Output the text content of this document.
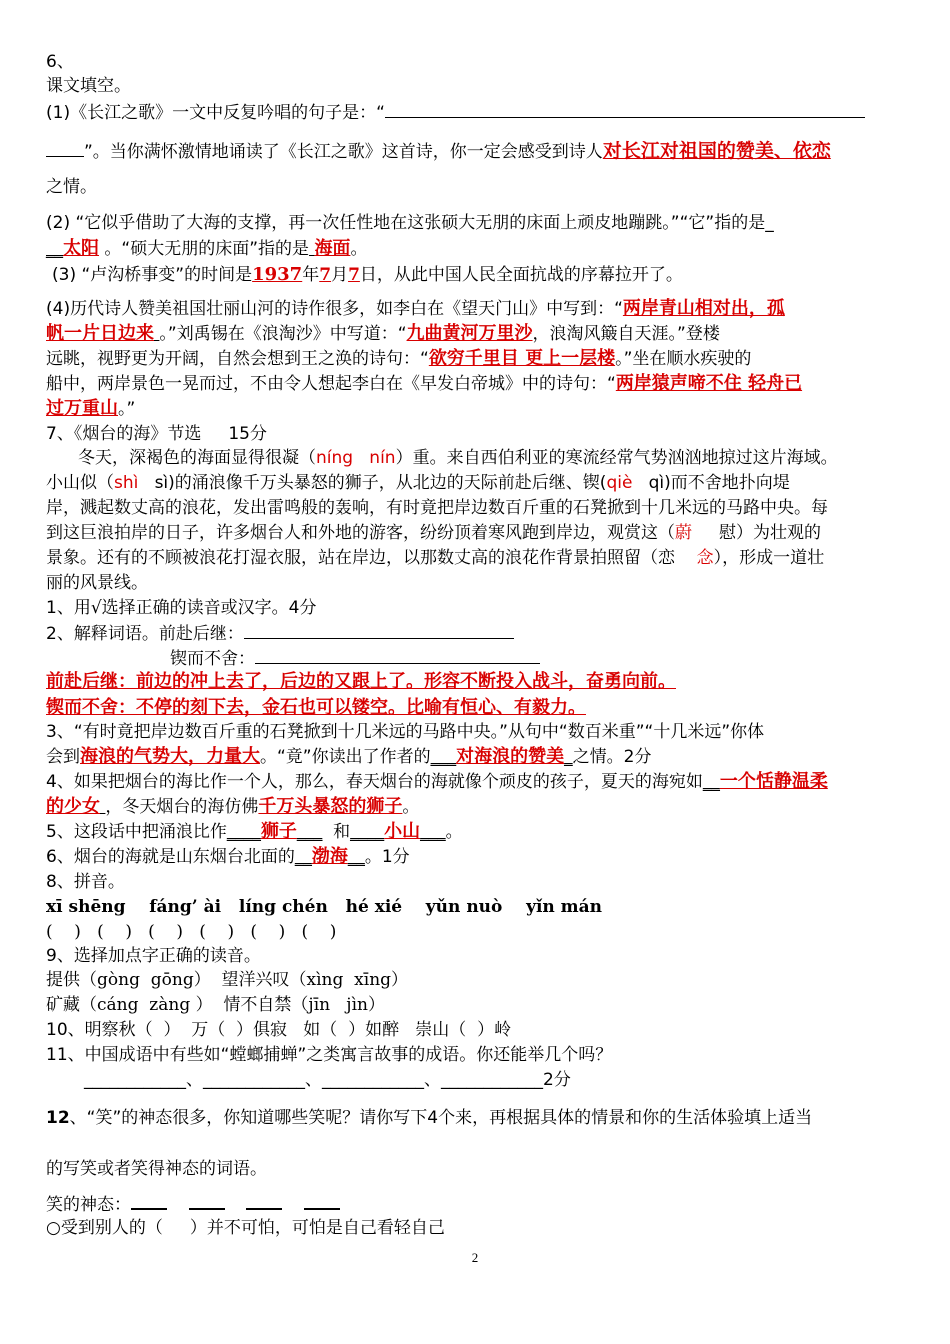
6、
课文填空。
(1)《长江之歌》一文中反复吟唱的句子是：“
”。当你满怀激情地诵读了《长江之歌》这首诗，你一定会感受到诗人对长江对祖国的赞美、依恋
之情。
(2) “它似乎借助了大海的支撑，再一次任性地在这张硕大无朋的床面上顽皮地蹦跳。”“它”指的是_
__太阳 。“硕大无朋的床面”指的是 海面。
(3) “卢沟桥事变”的时间是1937年7月7日，从此中国人民全面抗战的序幕拉开了。
(4)历代诗人赞美祖国壮丽山河的诗作很多，如李白在《望天门山》中写到：“两岸青山相对出，孤
帆一片日边来 。”刘禹锡在《浪淘沙》中写道：“九曲黄河万里沙，浪淘风簸自天涯。”登楼
远眺，视野更为开阔，自然会想到王之涣的诗句：“欲穷千里目 更上一层楼。”坐在顺水疾驶的
船中，两岸景色一晃而过，不由令人想起李白在《早发白帝城》中的诗句：“两岸猿声啼不住 轻舟已
过万重山。”
7、《烟台的海》节选 15分
冬天，深褐色的海面显得很凝（níng nín）重。来自西伯利亚的寒流经常气势汹汹地掠过这片海域。
小山似（shì sì)的涌浪像千万头暴怒的狮子，从北边的天际前赴后继、锲(qiè qì)而不舍地扑向堤
岸，溅起数丈高的浪花，发出雷鸣般的轰响，有时竟把岸边数百斤重的石凳掀到十几米远的马路中央。每
到这巨浪拍岸的日子，许多烟台人和外地的游客，纷纷顶着寒风跑到岸边，观赏这（蔚 慰）为壮观的
景象。还有的不顾被浪花打湿衣服，站在岸边，以那数丈高的浪花作背景拍照留（恋 念），形成一道壮
丽的风景线。
1、用√选择正确的读音或汉字。4分
2、解释词语。前赴后继：
锲而不舍：
前赴后继：前边的冲上去了，后边的又跟上了。形容不断投入战斗，奋勇向前。
锲而不舍：不停的刻下去，金石也可以镂空。比喻有恒心、有毅力。
3、“有时竟把岸边数百斤重的石凳掀到十几米远的马路中央。”从句中“数百米重”“十几米远”你体
会到海浪的气势大，力量大。“竟”你读出了作者的___对海浪的赞美_之情。2分
4、如果把烟台的海比作一个人，那么，春天烟台的海就像个顽皮的孩子，夏天的海宛如__一个恬静温柔
的少女 ，冬天烟台的海仿佛千万头暴怒的狮子。
5、这段话中把涌浪比作____狮子___ 和____小山___。
6、烟台的海就是山东烟台北面的__渤海__。1分
8、拼音。
xī shēng fáng’ ài líng chén hé xié yǔn nuò yǐn mán
(    )   (    )   (    )   (    )   (    )   (    )
9、选择加点字正确的读音。
提供（gòng  gōng）  望洋兴叹（xìng  xīng）
矿藏（cáng  zàng ）  情不自禁（jīn   jìn）
10、明察秋（  ）  万（  ）俱寂   如（  ）如醉   崇山（  ）岭
11、中国成语中有些如“螳螂捕蝉”之类寓言故事的成语。你还能举几个吗？
____________、____________、____________、____________2分
12、“笑”的神态很多，你知道哪些笑呢？请你写下4个来，再根据具体的情景和你的生活体验填上适当
的写笑或者笑得神态的词语。
笑的神态：
○受到别人的（     ）并不可怕，可怕是自己看轻自己
2
